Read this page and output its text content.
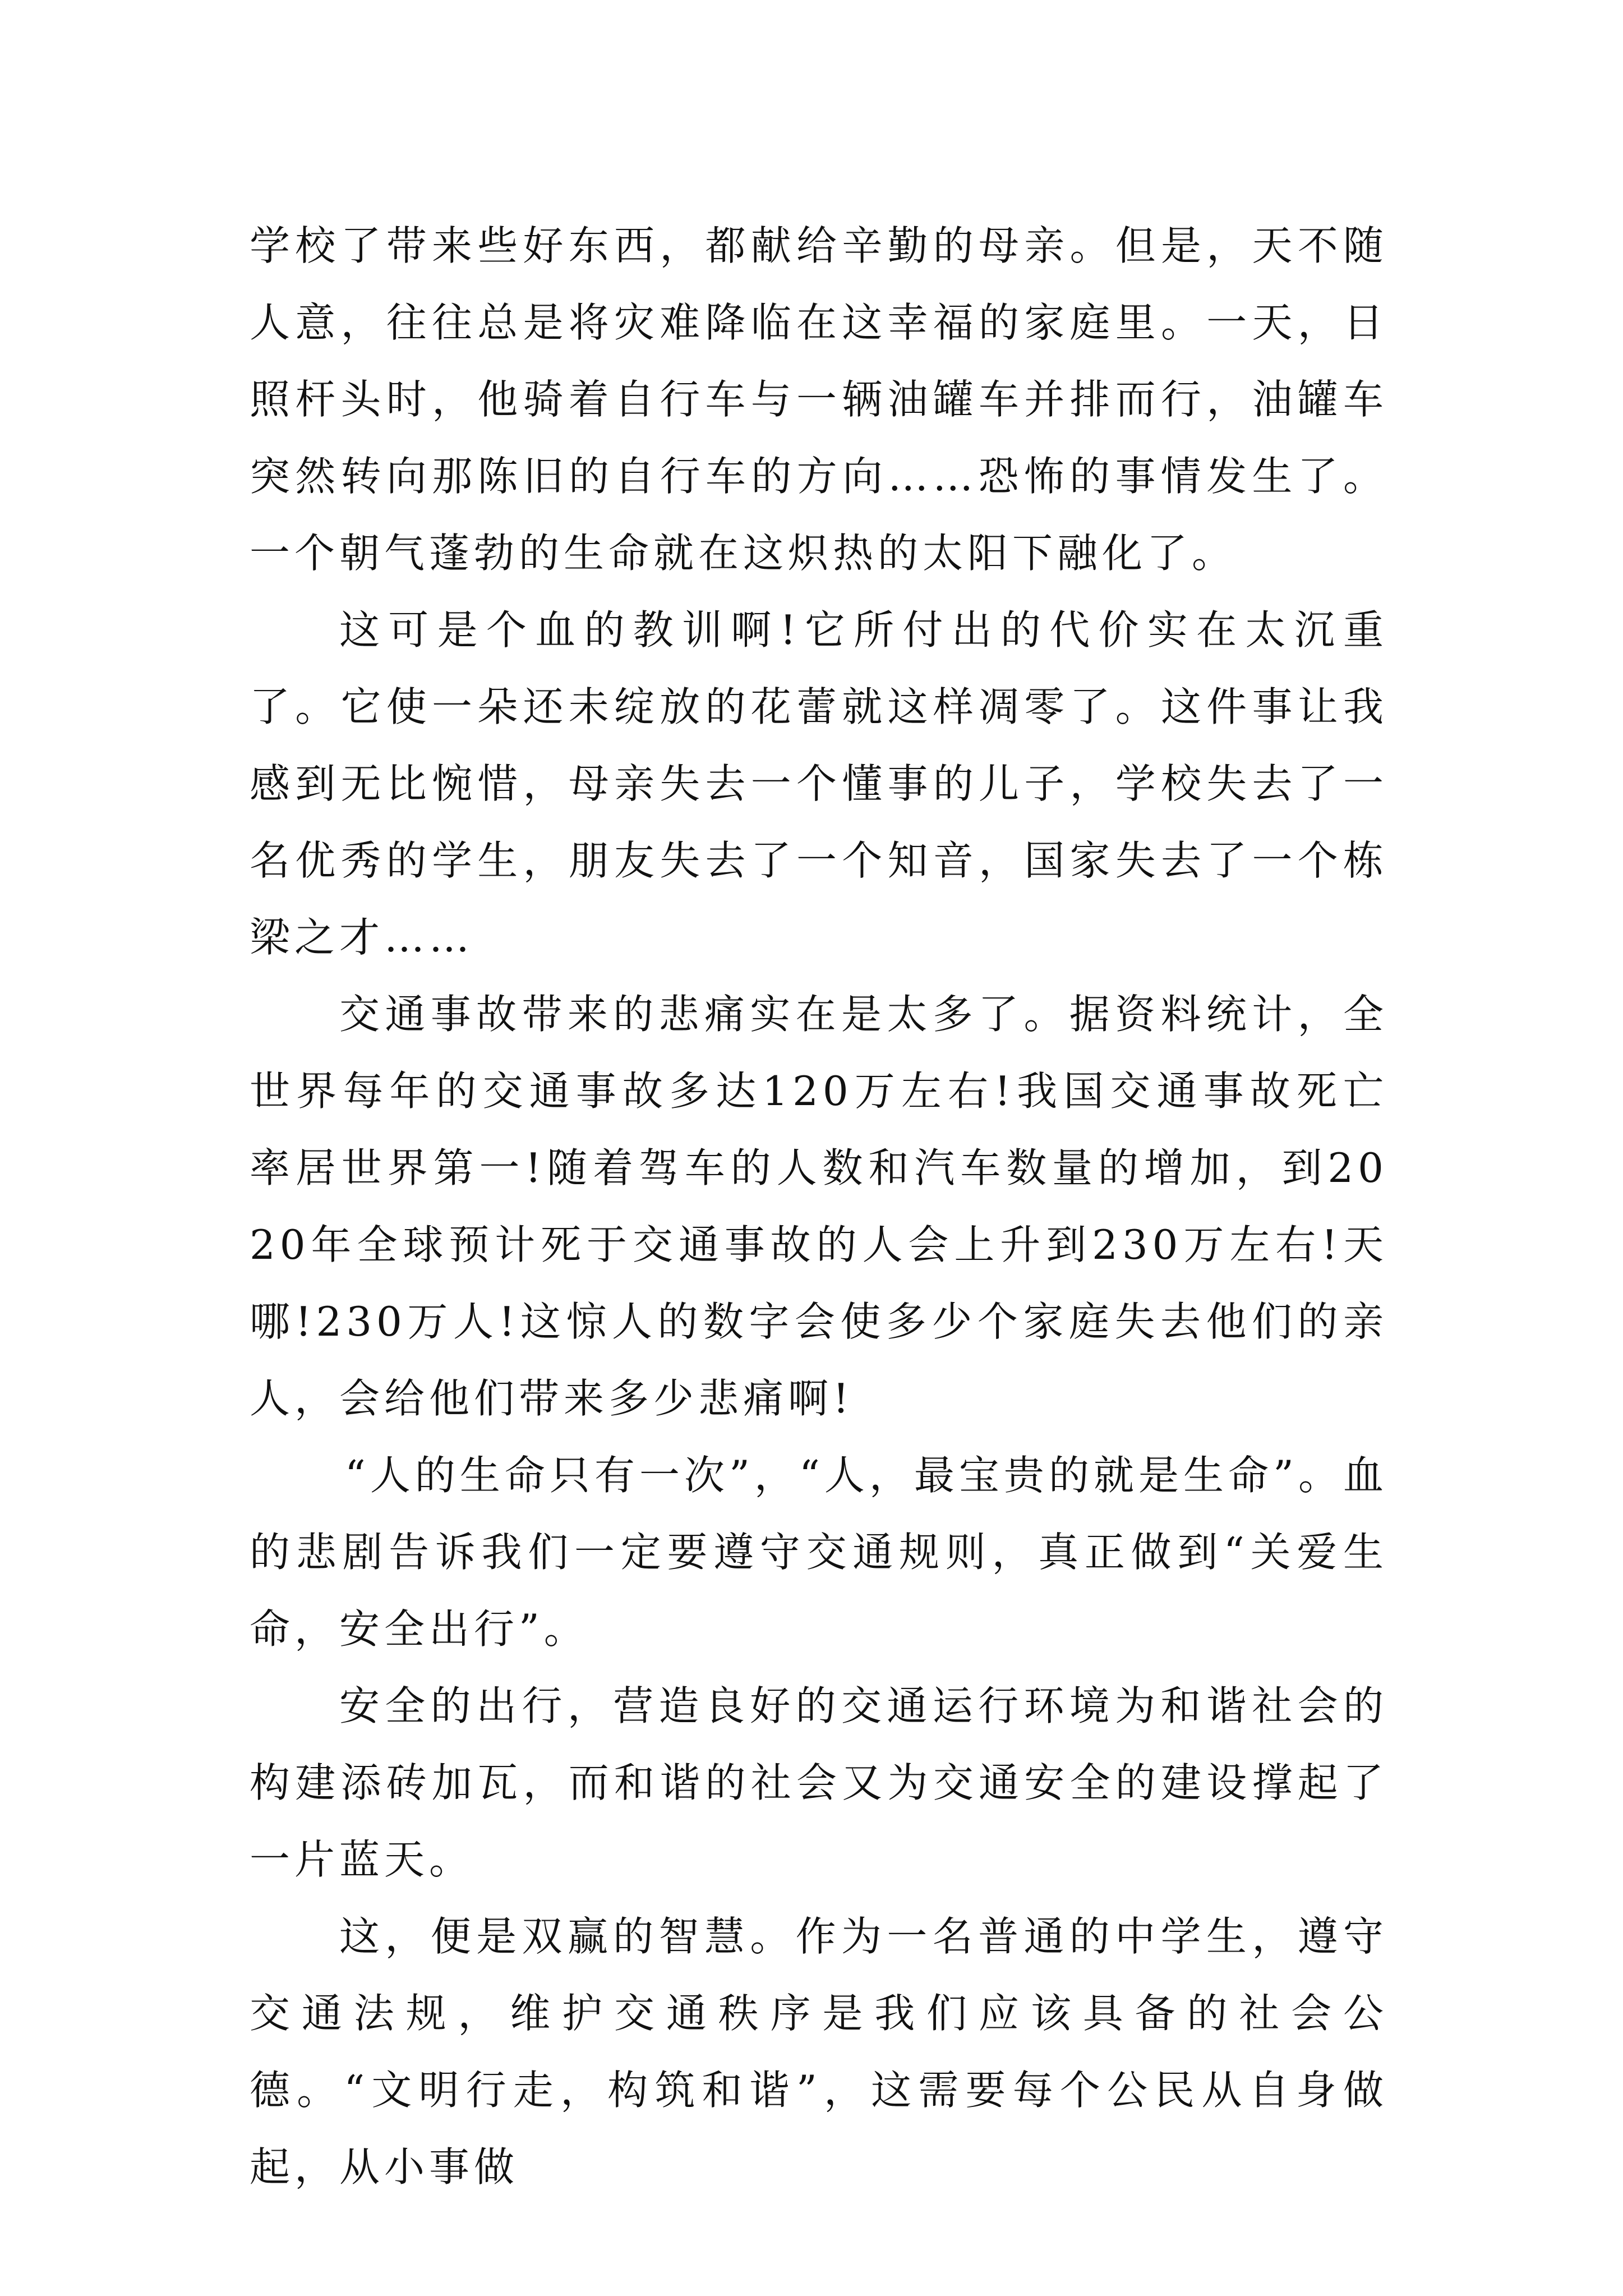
学校了带来些好东西，都献给辛勤的母亲。但是，天不随人意，往往总是将灾难降临在这幸福的家庭里。一天，日照杆头时，他骑着自行车与一辆油罐车并排而行，油罐车突然转向那陈旧的自行车的方向……恐怖的事情发生了。一个朝气蓬勃的生命就在这炽热的太阳下融化了。

这可是个血的教训啊!它所付出的代价实在太沉重了。它使一朵还未绽放的花蕾就这样凋零了。这件事让我感到无比惋惜，母亲失去一个懂事的儿子，学校失去了一名优秀的学生，朋友失去了一个知音，国家失去了一个栋梁之才……

交通事故带来的悲痛实在是太多了。据资料统计，全世界每年的交通事故多达120万左右!我国交通事故死亡率居世界第一!随着驾车的人数和汽车数量的增加，到2020年全球预计死于交通事故的人会上升到230万左右!天哪!230万人!这惊人的数字会使多少个家庭失去他们的亲人，会给他们带来多少悲痛啊!

“人的生命只有一次”，“人，最宝贵的就是生命”。血的悲剧告诉我们一定要遵守交通规则，真正做到“关爱生命，安全出行”。

安全的出行，营造良好的交通运行环境为和谐社会的构建添砖加瓦，而和谐的社会又为交通安全的建设撑起了一片蓝天。

这，便是双赢的智慧。作为一名普通的中学生，遵守交通法规，维护交通秩序是我们应该具备的社会公德。“文明行走，构筑和谐”，这需要每个公民从自身做起，从小事做
